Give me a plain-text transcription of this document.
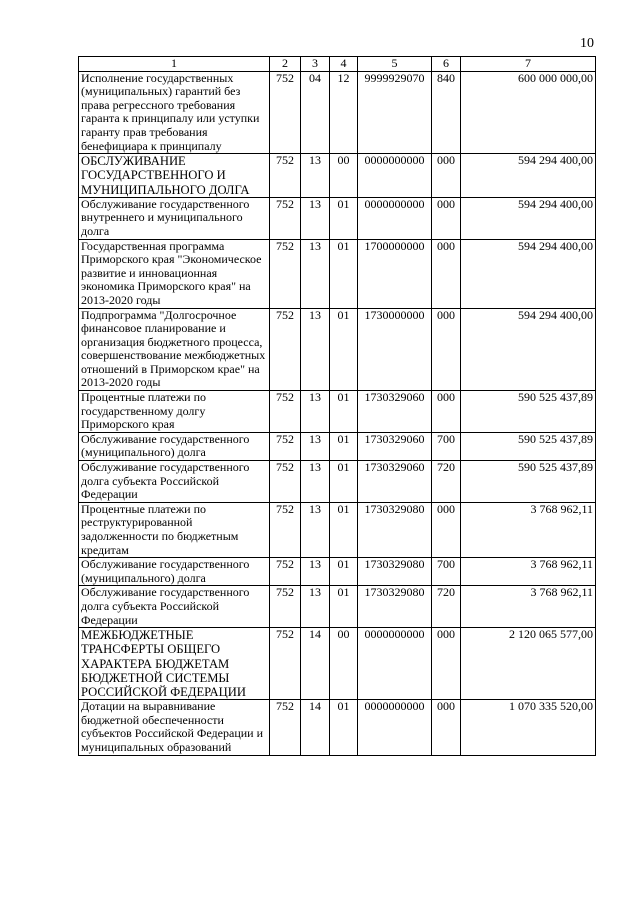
10
1	2	3	4	5	6	7
Исполнение государственных (муниципальных) гарантий без права регрессного требования гаранта к принципалу или уступки гаранту прав требования бенефициара к принципалу	752	04	12	9999929070	840	600 000 000,00
ОБСЛУЖИВАНИЕ ГОСУДАРСТВЕННОГО И МУНИЦИПАЛЬНОГО ДОЛГА	752	13	00	0000000000	000	594 294 400,00
Обслуживание государственного внутреннего и муниципального долга	752	13	01	0000000000	000	594 294 400,00
Государственная программа Приморского края "Экономическое развитие и инновационная экономика Приморского края" на 2013-2020 годы	752	13	01	1700000000	000	594 294 400,00
Подпрограмма "Долгосрочное финансовое планирование и организация бюджетного процесса, совершенствование межбюджетных отношений в Приморском крае" на 2013-2020 годы	752	13	01	1730000000	000	594 294 400,00
Процентные платежи по государственному долгу Приморского края	752	13	01	1730329060	000	590 525 437,89
Обслуживание государственного (муниципального) долга	752	13	01	1730329060	700	590 525 437,89
Обслуживание государственного долга субъекта Российской Федерации	752	13	01	1730329060	720	590 525 437,89
Процентные платежи по реструктурированной задолженности по бюджетным кредитам	752	13	01	1730329080	000	3 768 962,11
Обслуживание государственного (муниципального) долга	752	13	01	1730329080	700	3 768 962,11
Обслуживание государственного долга субъекта Российской Федерации	752	13	01	1730329080	720	3 768 962,11
МЕЖБЮДЖЕТНЫЕ ТРАНСФЕРТЫ ОБЩЕГО ХАРАКТЕРА БЮДЖЕТАМ БЮДЖЕТНОЙ СИСТЕМЫ РОССИЙСКОЙ ФЕДЕРАЦИИ	752	14	00	0000000000	000	2 120 065 577,00
Дотации на выравнивание бюджетной обеспеченности субъектов Российской Федерации и муниципальных образований	752	14	01	0000000000	000	1 070 335 520,00
